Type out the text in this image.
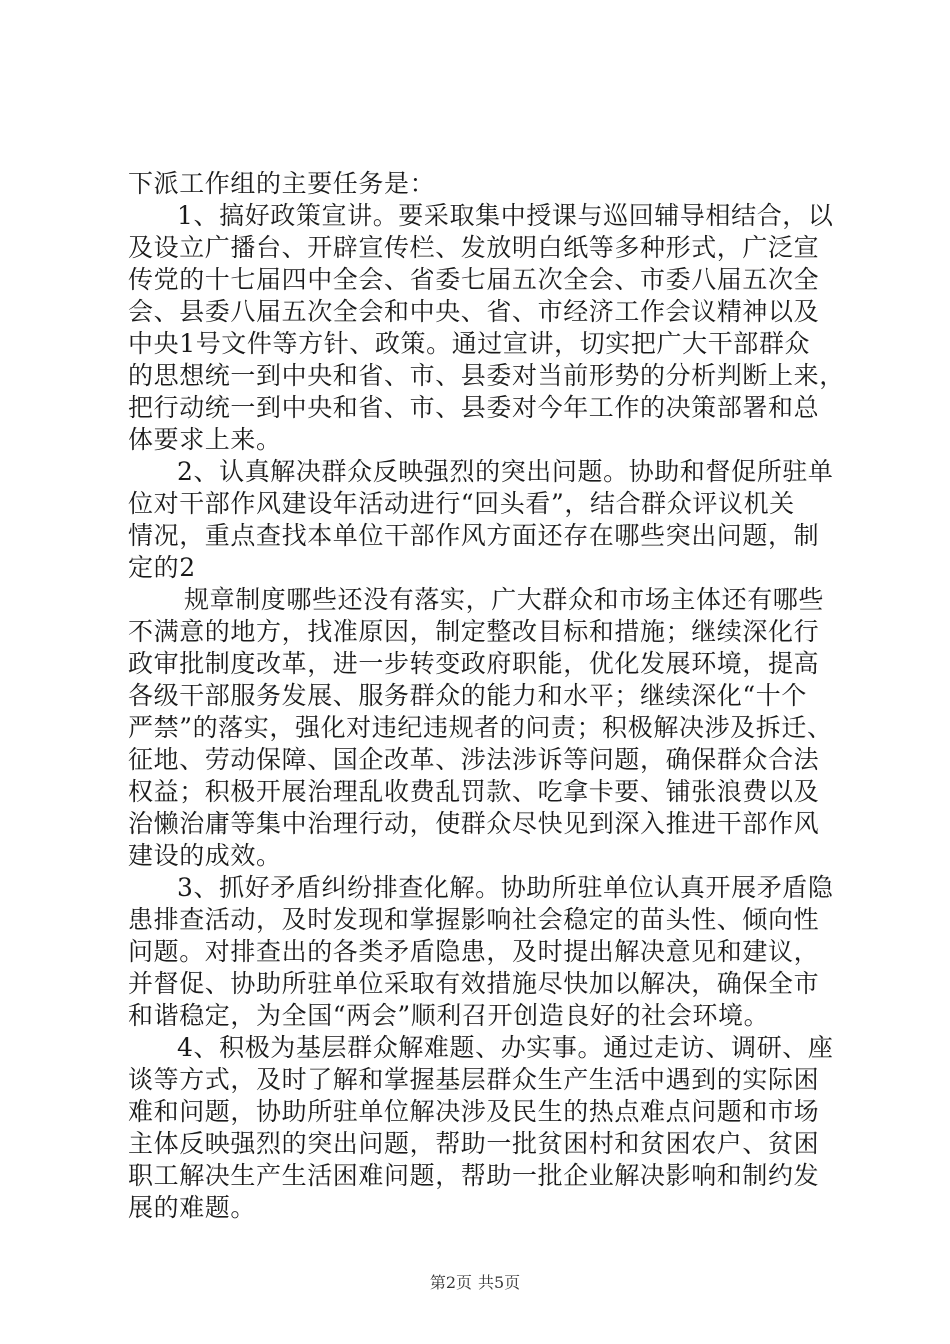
下派工作组的主要任务是：
1、搞好政策宣讲。要采取集中授课与巡回辅导相结合，以
及设立广播台、开辟宣传栏、发放明白纸等多种形式，广泛宣
传党的十七届四中全会、省委七届五次全会、市委八届五次全
会、县委八届五次全会和中央、省、市经济工作会议精神以及
中央1号文件等方针、政策。通过宣讲，切实把广大干部群众
的思想统一到中央和省、市、县委对当前形势的分析判断上来，
把行动统一到中央和省、市、县委对今年工作的决策部署和总
体要求上来。
2、认真解决群众反映强烈的突出问题。协助和督促所驻单
位对干部作风建设年活动进行“回头看”，结合群众评议机关
情况，重点查找本单位干部作风方面还存在哪些突出问题，制
定的2
规章制度哪些还没有落实，广大群众和市场主体还有哪些
不满意的地方，找准原因，制定整改目标和措施；继续深化行
政审批制度改革，进一步转变政府职能，优化发展环境，提高
各级干部服务发展、服务群众的能力和水平；继续深化“十个
严禁”的落实，强化对违纪违规者的问责；积极解决涉及拆迁、
征地、劳动保障、国企改革、涉法涉诉等问题，确保群众合法
权益；积极开展治理乱收费乱罚款、吃拿卡要、铺张浪费以及
治懒治庸等集中治理行动，使群众尽快见到深入推进干部作风
建设的成效。
3、抓好矛盾纠纷排查化解。协助所驻单位认真开展矛盾隐
患排查活动，及时发现和掌握影响社会稳定的苗头性、倾向性
问题。对排查出的各类矛盾隐患，及时提出解决意见和建议，
并督促、协助所驻单位采取有效措施尽快加以解决，确保全市
和谐稳定，为全国“两会”顺利召开创造良好的社会环境。
4、积极为基层群众解难题、办实事。通过走访、调研、座
谈等方式，及时了解和掌握基层群众生产生活中遇到的实际困
难和问题，协助所驻单位解决涉及民生的热点难点问题和市场
主体反映强烈的突出问题，帮助一批贫困村和贫困农户、贫困
职工解决生产生活困难问题，帮助一批企业解决影响和制约发
展的难题。
第2页 共5页
